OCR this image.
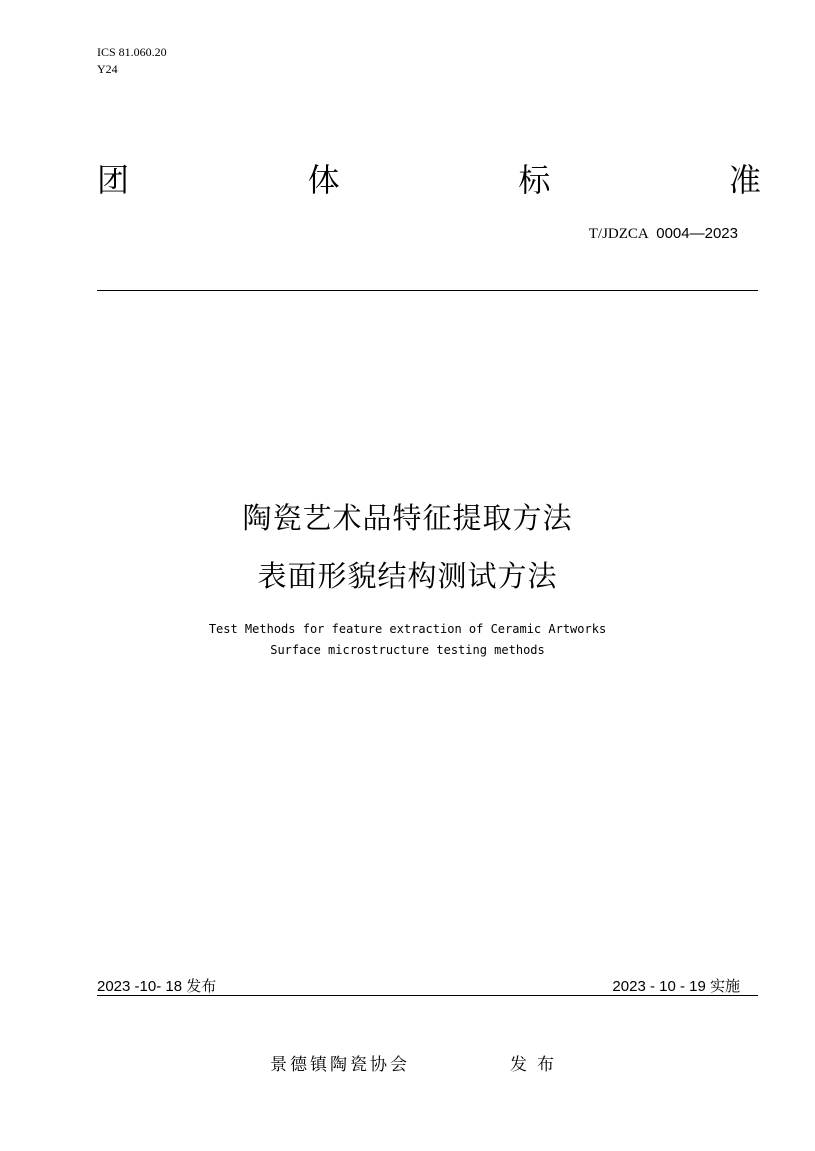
ICS 81.060.20
Y24
团	体	标	准
T/JDZCA 0004—2023
陶瓷艺术品特征提取方法
表面形貌结构测试方法
Test Methods for feature extraction of Ceramic Artworks
Surface microstructure testing methods
2023 -10- 18 发布	2023 - 10 - 19 实施
景德镇陶瓷协会	发布
